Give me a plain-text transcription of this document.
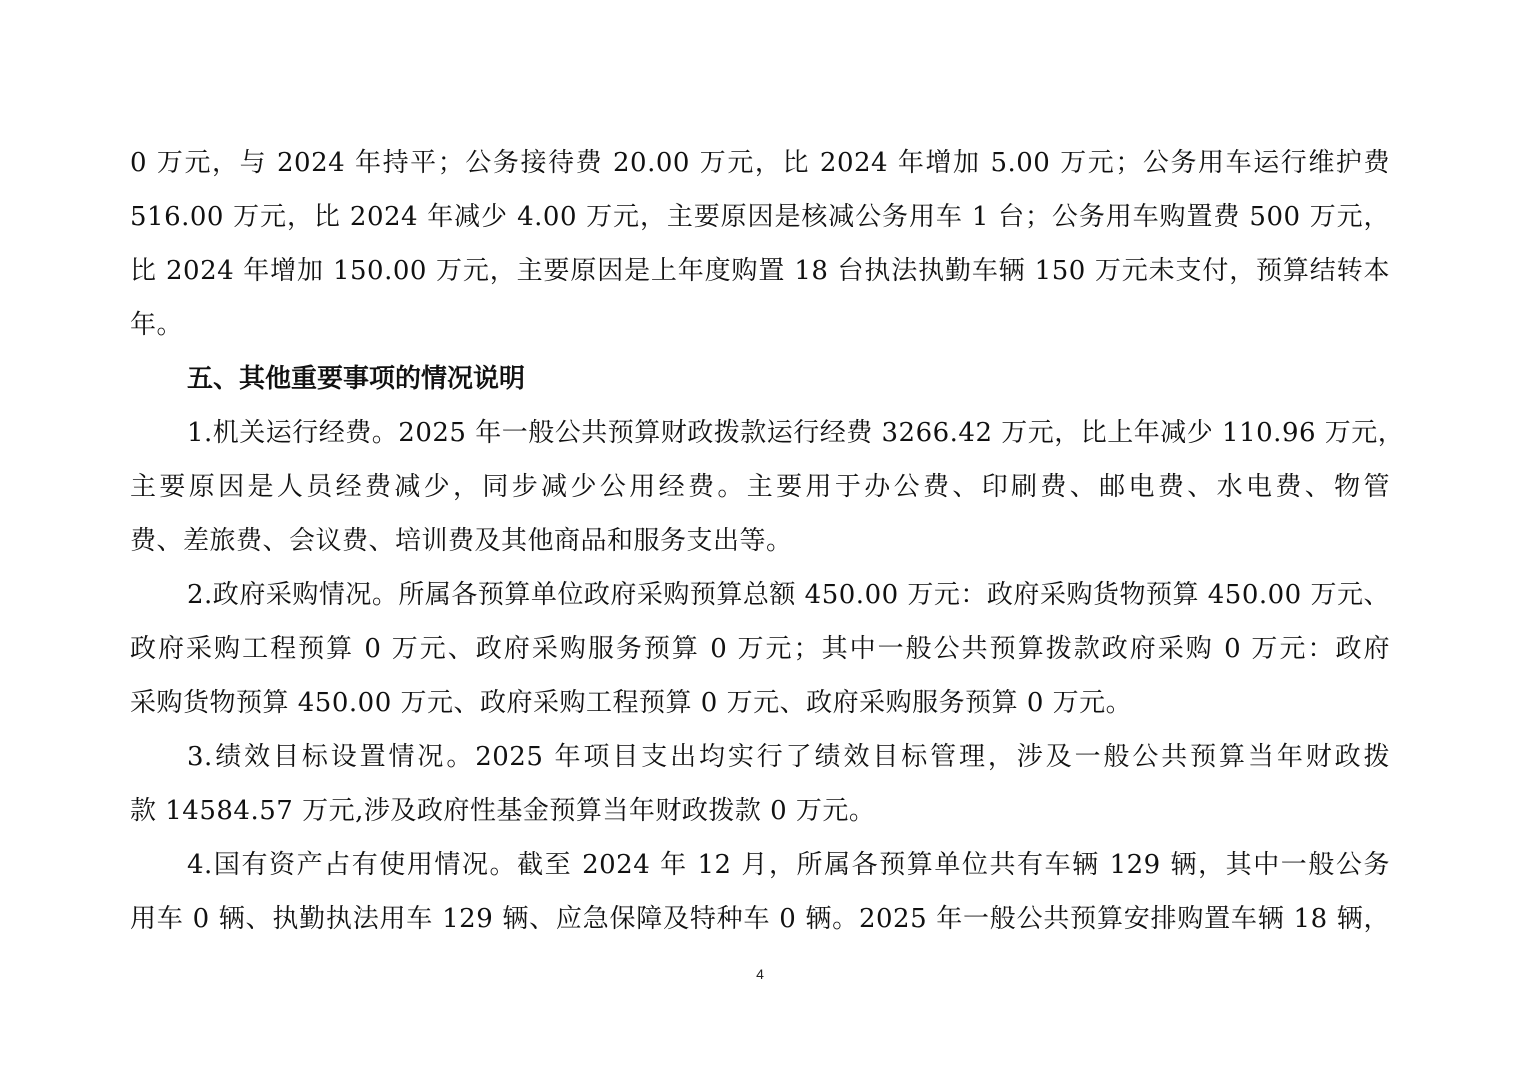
0 万元，与 2024 年持平；公务接待费 20.00 万元，比 2024 年增加 5.00 万元；公务用车运行维护费
516.00 万元，比 2024 年减少 4.00 万元，主要原因是核减公务用车 1 台；公务用车购置费 500 万元，
比 2024 年增加 150.00 万元，主要原因是上年度购置 18 台执法执勤车辆 150 万元未支付，预算结转本
年。
五、其他重要事项的情况说明
1.机关运行经费。2025 年一般公共预算财政拨款运行经费 3266.42 万元，比上年减少 110.96 万元，
主要原因是人员经费减少，同步减少公用经费。主要用于办公费、印刷费、邮电费、水电费、物管
费、差旅费、会议费、培训费及其他商品和服务支出等。
2.政府采购情况。所属各预算单位政府采购预算总额 450.00 万元：政府采购货物预算 450.00 万元、
政府采购工程预算 0 万元、政府采购服务预算 0 万元；其中一般公共预算拨款政府采购 0 万元：政府
采购货物预算 450.00 万元、政府采购工程预算 0 万元、政府采购服务预算 0 万元。
3.绩效目标设置情况。2025 年项目支出均实行了绩效目标管理，涉及一般公共预算当年财政拨
款 14584.57 万元,涉及政府性基金预算当年财政拨款 0 万元。
4.国有资产占有使用情况。截至 2024 年 12 月，所属各预算单位共有车辆 129 辆，其中一般公务
用车 0 辆、执勤执法用车 129 辆、应急保障及特种车 0 辆。2025 年一般公共预算安排购置车辆 18 辆，
4
